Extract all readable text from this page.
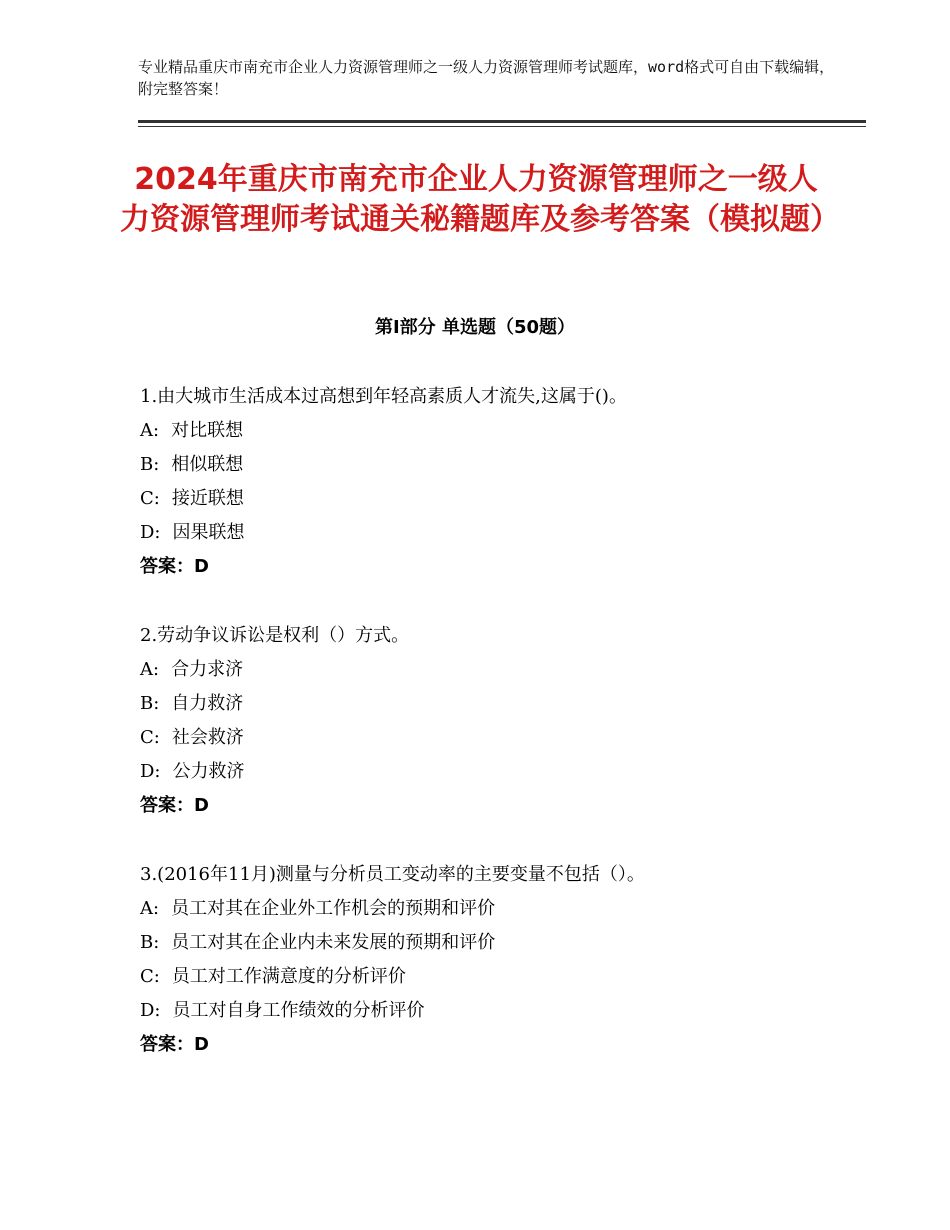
专业精品重庆市南充市企业人力资源管理师之一级人力资源管理师考试题库，word格式可自由下载编辑，附完整答案！
2024年重庆市南充市企业人力资源管理师之一级人力资源管理师考试通关秘籍题库及参考答案（模拟题）
第Ⅰ部分 单选题（50题）
1.由大城市生活成本过高想到年轻高素质人才流失,这属于()。
A: 对比联想
B: 相似联想
C: 接近联想
D: 因果联想
答案：D
2.劳动争议诉讼是权利（）方式。
A: 合力求济
B: 自力救济
C: 社会救济
D: 公力救济
答案：D
3.(2016年11月)测量与分析员工变动率的主要变量不包括（）。
A: 员工对其在企业外工作机会的预期和评价
B: 员工对其在企业内未来发展的预期和评价
C: 员工对工作满意度的分析评价
D: 员工对自身工作绩效的分析评价
答案：D
